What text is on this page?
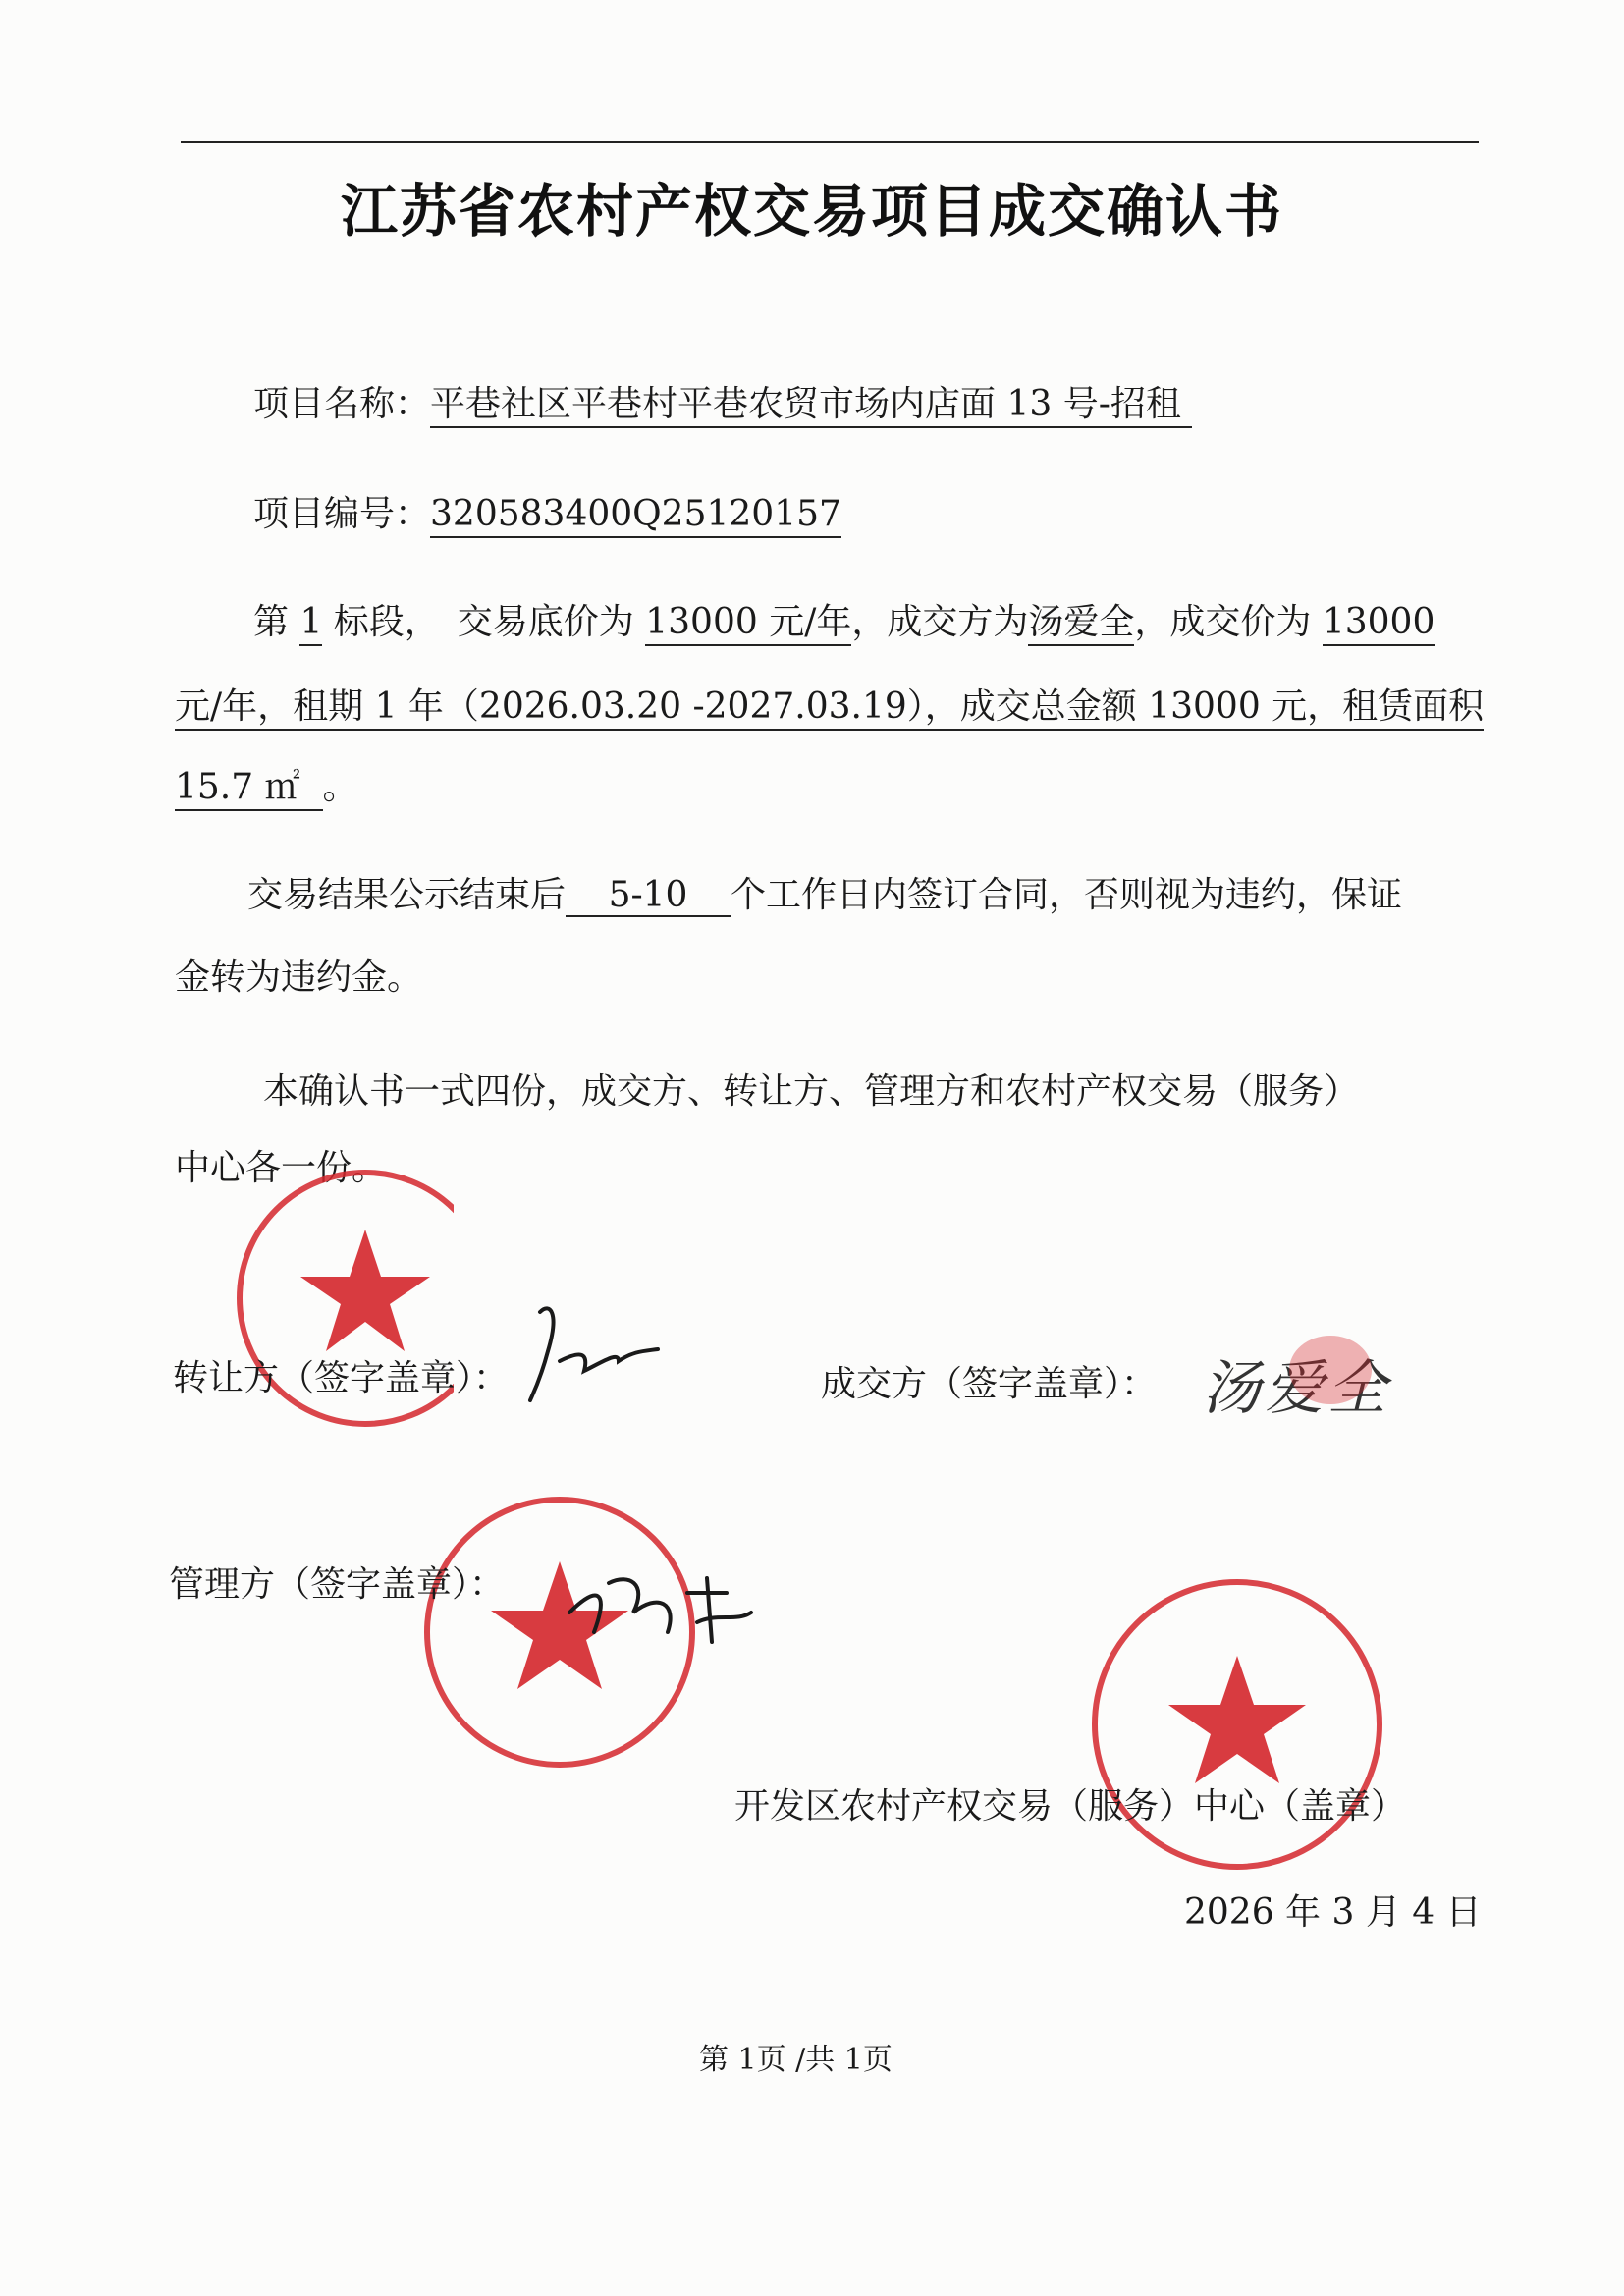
江苏省农村产权交易项目成交确认书
项目名称：平巷社区平巷村平巷农贸市场内店面 13 号-招租
项目编号：320583400Q25120157
第 1 标段，　交易底价为 13000 元/年，成交方为汤爱全，成交价为 13000
元/年，租期 1 年（2026.03.20 -2027.03.19），成交总金额 13000 元，租赁面积
15.7 ㎡ 。
交易结果公示结束后 5-10 个工作日内签订合同，否则视为违约，保证
金转为违约金。
本确认书一式四份，成交方、转让方、管理方和农村产权交易（服务）
中心各一份。
转让方（签字盖章）：	成交方（签字盖章）：
管理方（签字盖章）：
开发区农村产权交易（服务）中心（盖章）
汤爱全
2026 年 3 月 4 日
第 1页 /共 1页
